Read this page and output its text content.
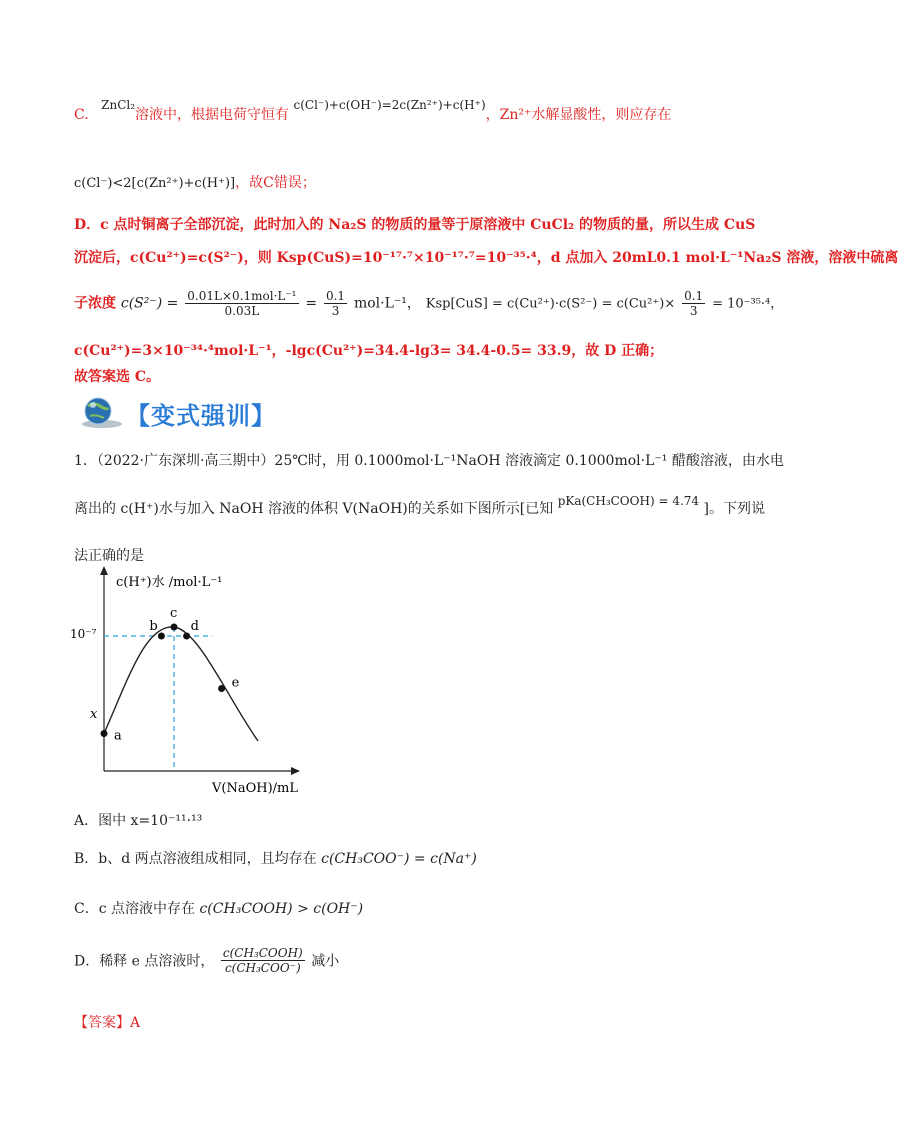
C. ZnCl₂溶液中，根据电荷守恒有 c(Cl⁻)+c(OH⁻)=2c(Zn²⁺)+c(H⁺)，Zn²⁺水解显酸性，则应存在
c(Cl⁻)<2[c(Zn²⁺)+c(H⁺)]，故C错误；
D．c 点时铜离子全部沉淀，此时加入的 Na₂S 的物质的量等于原溶液中 CuCl₂ 的物质的量，所以生成 CuS
沉淀后，c(Cu²⁺)=c(S²⁻)，则 Ksp(CuS)=10⁻¹⁷·⁷×10⁻¹⁷·⁷=10⁻³⁵·⁴，d 点加入 20mL0.1 mol·L⁻¹Na₂S 溶液，溶液中硫离
子浓度 $c(S^{2-}) = \frac{\text{0.01L×0.1mol·L⁻¹}}{0.03L} = \frac{0.1}{3} mol\cdot L^{-1}$， $Ksp[CuS] = c(Cu^{2+})\cdot c(S^{2-}) = c(Cu^{2+})\times \frac{0.1}{3} = 10^{-35}\cdot^4$，
c(Cu²⁺)=3×10⁻³⁴·⁴mol·L⁻¹，-lgc(Cu²⁺)=34.4-lg3= 34.4-0.5= 33.9，故 D 正确；
故答案选 C。
【变式强训】
1．（2022·广东深圳·高三期中）25℃时，用 0.1000mol·L⁻¹NaOH 溶液滴定 0.1000mol·L⁻¹ 醋酸溶液，由水电
离出的 c(H⁺)水与加入 NaOH 溶液的体积 V(NaOH)的关系如下图所示[已知 pKa(CH₃COOH) = 4.74 ]。下列说
法正确的是
c(H⁺)水 /mol·L⁻¹
V(NaOH)/mL
10⁻⁷
x
a
b
c
d
e
A．图中 x=10⁻¹¹·¹³
B．b、d 两点溶液组成相同，且均存在 c(CH₃COO⁻) = c(Na⁺)
C．c 点溶液中存在 c(CH₃COOH) > c(OH⁻)
D．稀释 e 点溶液时， $\frac{\text{c(CH₃COOH)}}{\text{c(CH₃COO⁻)}}$ 减小
【答案】A
